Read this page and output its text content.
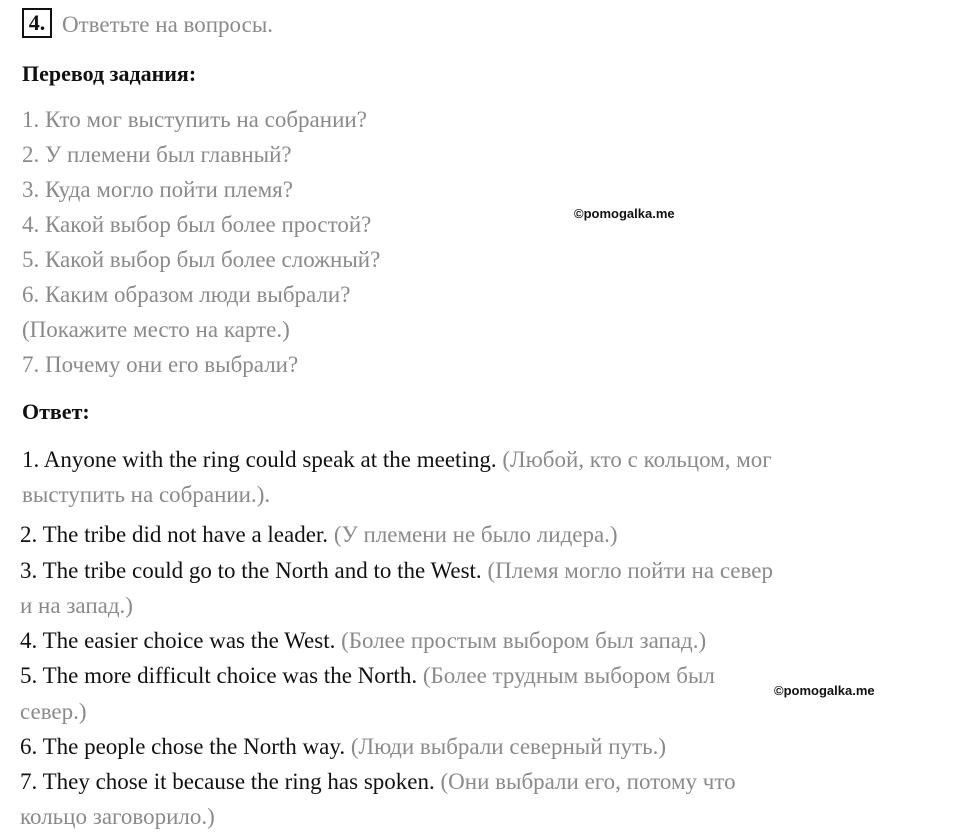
4. Ответьте на вопросы.
Перевод задания:
1. Кто мог выступить на собрании?
2. У племени был главный?
3. Куда могло пойти племя?
4. Какой выбор был более простой?
5. Какой выбор был более сложный?
6. Каким образом люди выбрали?
(Покажите место на карте.)
7. Почему они его выбрали?
Ответ:
1. Anyone with the ring could speak at the meeting. (Любой, кто с кольцом, мог
выступить на собрании.).
2. The tribe did not have a leader. (У племени не было лидера.)
3. The tribe could go to the North and to the West. (Племя могло пойти на север
и на запад.)
4. The easier choice was the West. (Более простым выбором был запад.)
5. The more difficult choice was the North. (Более трудным выбором был
север.)
6. The people chose the North way. (Люди выбрали северный путь.)
7. They chose it because the ring has spoken. (Они выбрали его, потому что
кольцо заговорило.)
©pomogalka.me
©pomogalka.me
